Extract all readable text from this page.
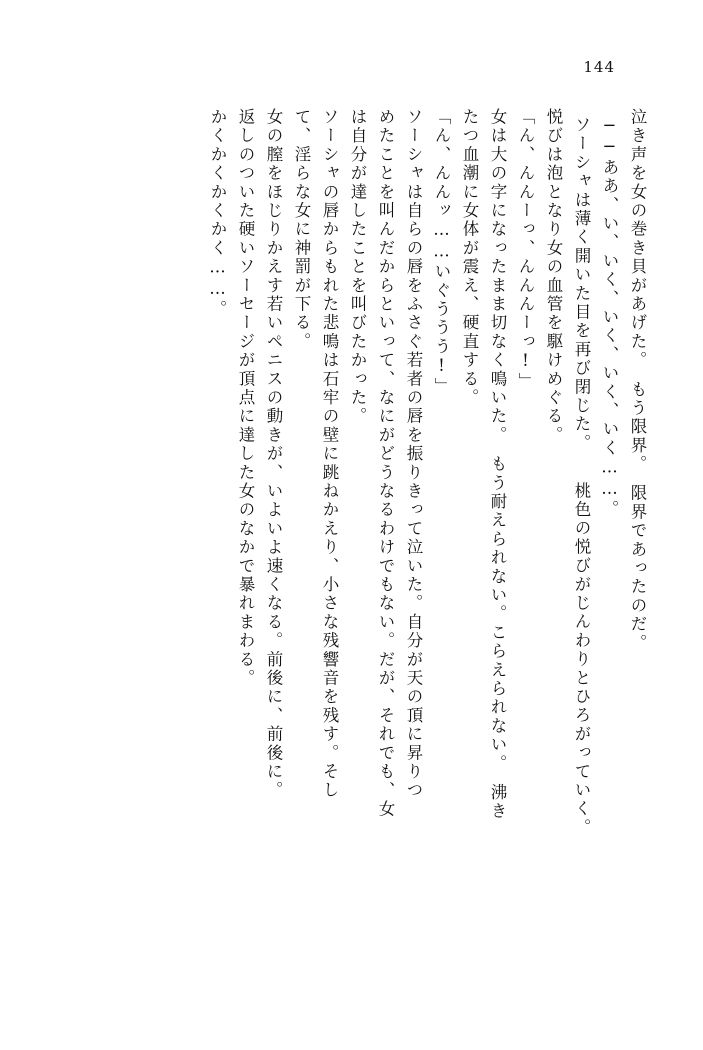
144
泣き声を女の巻き貝があげた。　もう限界。　限界であったのだ。
──ああ、い、いく、いく、いく、いく……。
ソーシャは薄く開いた目を再び閉じた。　　桃色の悦びがじんわりとひろがっていく。
悦びは泡となり女の血管を駆けめぐる。
「ん、んんーっ、んんんーっ!」
女は大の字になったまま切なく鳴いた。　もう耐えられない。こらえられない。　沸き
たつ血潮に女体が震え、硬直する。
「ん、んんッ……いぐううう!」
ソーシャは自らの唇をふさぐ若者の唇を振りきって泣いた。自分が天の頂に昇りつ
めたことを叫んだからといって、なにがどうなるわけでもない。だが、それでも、女
は自分が達したことを叫びたかった。
ソーシャの唇からもれた悲鳴は石牢の壁に跳ねかえり、小さな残響音を残す。そし
て、淫らな女に神罰が下る。
女の膣をほじりかえす若いペニスの動きが、いよいよ速くなる。前後に、前後に。
返しのついた硬いソーセージが頂点に達した女のなかで暴れまわる。
かくかくかくかく……。
